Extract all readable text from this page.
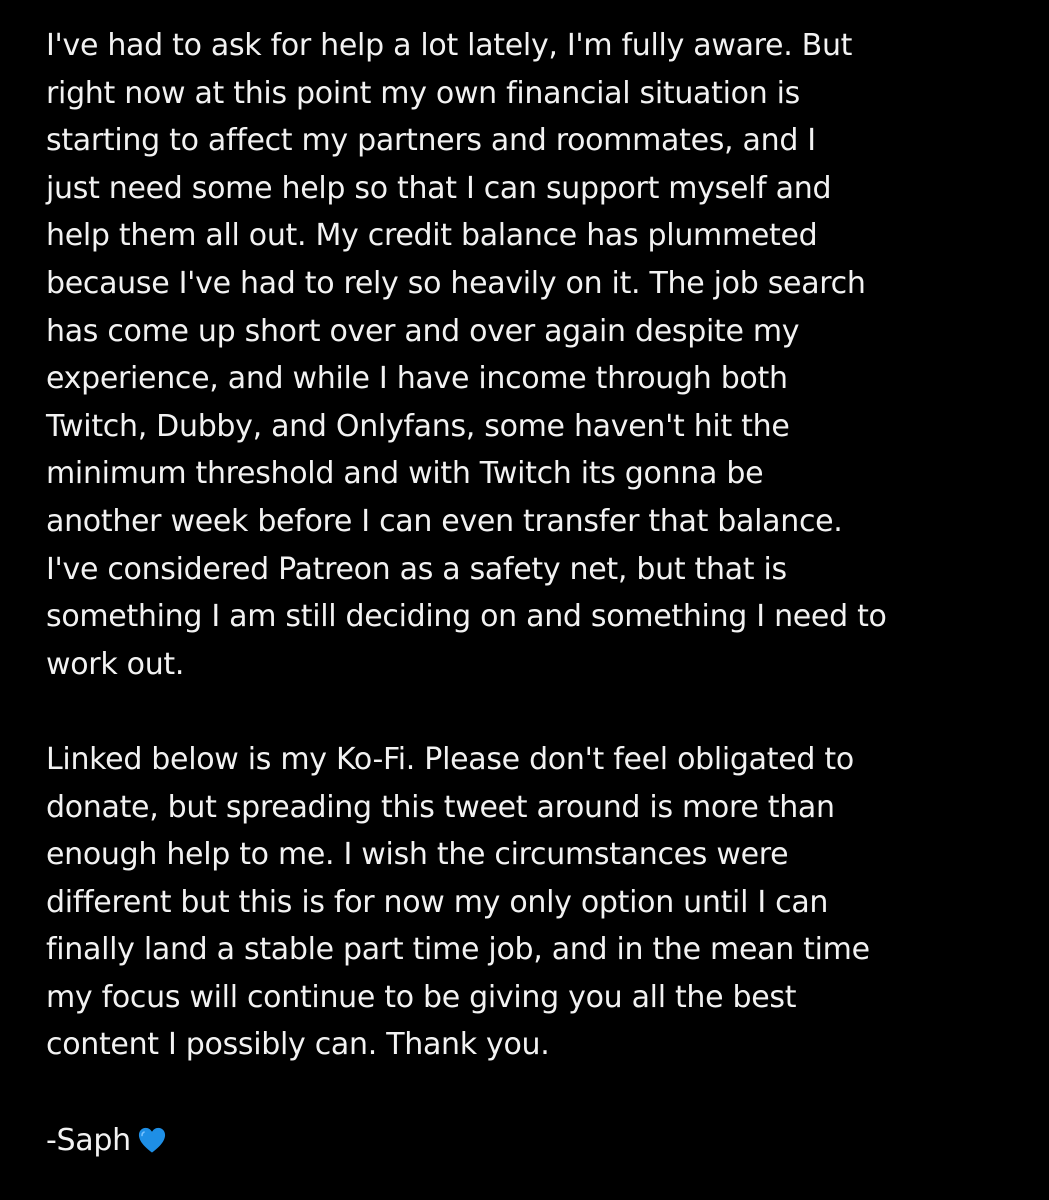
I've had to ask for help a lot lately, I'm fully aware. But
right now at this point my own financial situation is
starting to affect my partners and roommates, and I
just need some help so that I can support myself and
help them all out. My credit balance has plummeted
because I've had to rely so heavily on it. The job search
has come up short over and over again despite my
experience, and while I have income through both
Twitch, Dubby, and Onlyfans, some haven't hit the
minimum threshold and with Twitch its gonna be
another week before I can even transfer that balance.
I've considered Patreon as a safety net, but that is
something I am still deciding on and something I need to
work out.

Linked below is my Ko-Fi. Please don't feel obligated to
donate, but spreading this tweet around is more than
enough help to me. I wish the circumstances were
different but this is for now my only option until I can
finally land a stable part time job, and in the mean time
my focus will continue to be giving you all the best
content I possibly can. Thank you.

-Saph
